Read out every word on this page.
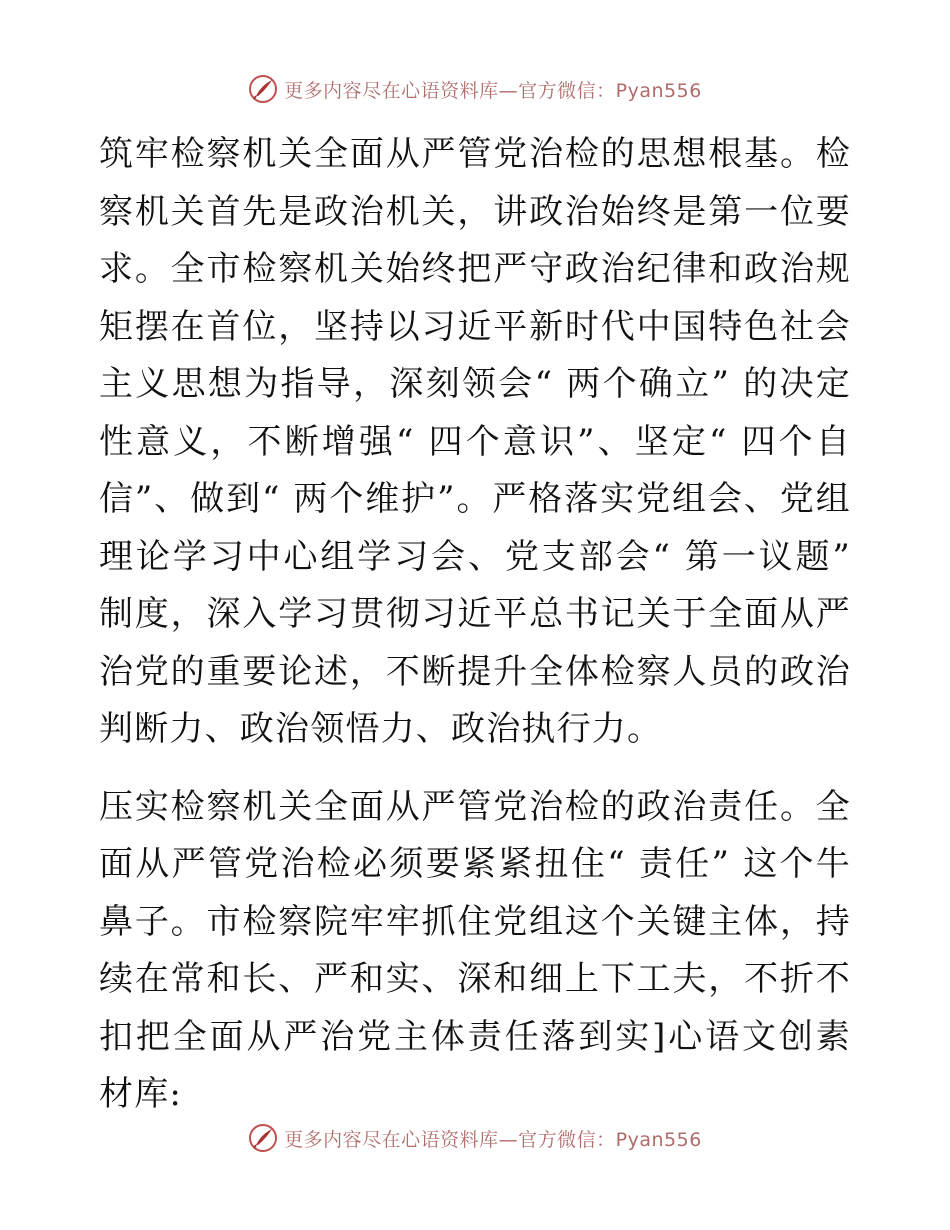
更多内容尽在心语资料库—官方微信：Pyan556

筑牢检察机关全面从严管党治检的思想根基。检察机关首先是政治机关，讲政治始终是第一位要求。全市检察机关始终把严守政治纪律和政治规矩摆在首位，坚持以习近平新时代中国特色社会主义思想为指导，深刻领会“ 两个确立” 的决定性意义，不断增强“ 四个意识”、坚定“ 四个自信”、做到“ 两个维护”。严格落实党组会、党组理论学习中心组学习会、党支部会“ 第一议题” 制度，深入学习贯彻习近平总书记关于全面从严治党的重要论述，不断提升全体检察人员的政治判断力、政治领悟力、政治执行力。

压实检察机关全面从严管党治检的政治责任。全面从严管党治检必须要紧紧扭住“ 责任” 这个牛鼻子。市检察院牢牢抓住党组这个关键主体，持续在常和长、严和实、深和细上下工夫，不折不扣把全面从严治党主体责任落到实]心语文创素材库:

更多内容尽在心语资料库—官方微信：Pyan556
